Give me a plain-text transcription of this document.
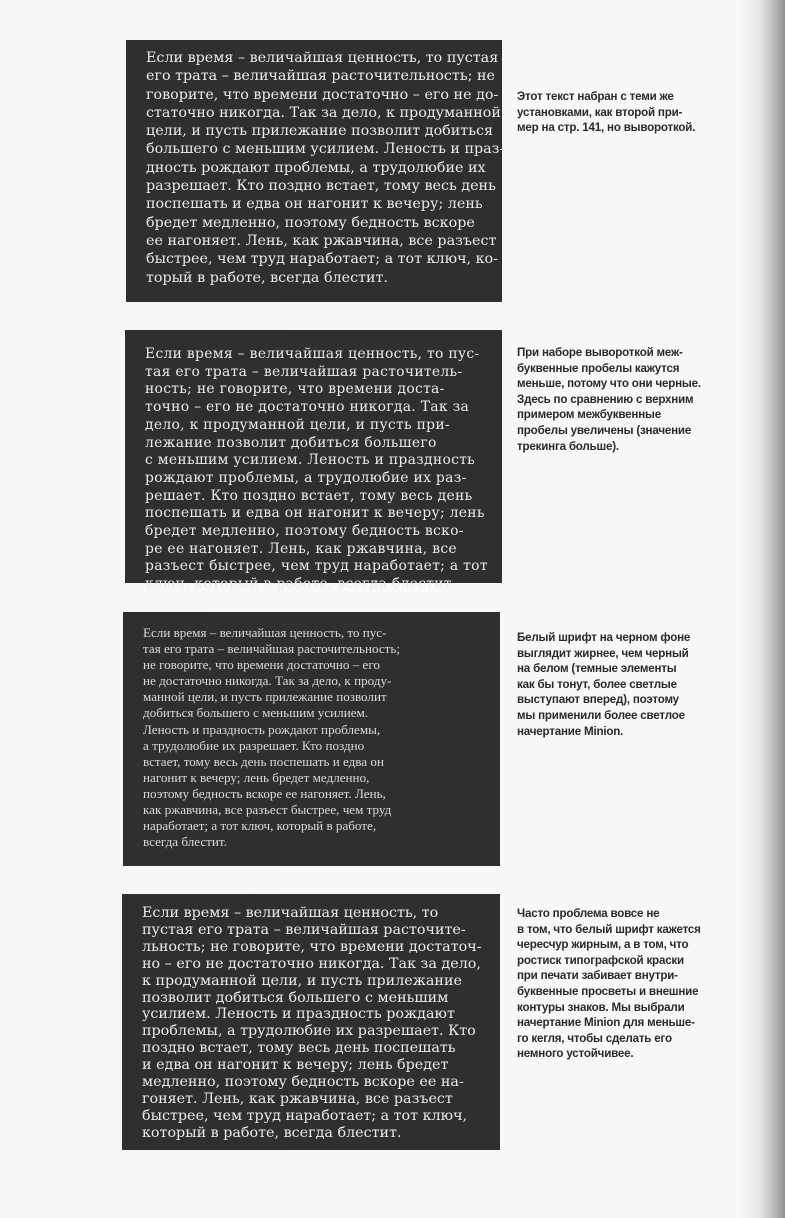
Если время – величайшая ценность, то пустая
его трата – величайшая расточительность; не
говорите, что времени достаточно – его не до-
статочно никогда. Так за дело, к продуманной
цели, и пусть прилежание позволит добиться
большего с меньшим усилием. Леность и праз-
дность рождают проблемы, а трудолюбие их
разрешает. Кто поздно встает, тому весь день
поспешать и едва он нагонит к вечеру; лень
бредет медленно, поэтому бедность вскоре
ее нагоняет. Лень, как ржавчина, все разъест
быстрее, чем труд наработает; а тот ключ, ко-
торый в работе, всегда блестит.
Этот текст набран с теми же
установками, как второй при-
мер на стр. 141, но вывороткой.
Если время – величайшая ценность, то пус-
тая его трата – величайшая расточитель-
ность; не говорите, что времени доста-
точно – его не достаточно никогда. Так за
дело, к продуманной цели, и пусть при-
лежание позволит добиться большего
с меньшим усилием. Леность и праздность
рождают проблемы, а трудолюбие их раз-
решает. Кто поздно встает, тому весь день
поспешать и едва он нагонит к вечеру; лень
бредет медленно, поэтому бедность вско-
ре ее нагоняет. Лень, как ржавчина, все
разъест быстрее, чем труд наработает; а тот
ключ, который в работе, всегда блестит.
При наборе вывороткой меж-
буквенные пробелы кажутся
меньше, потому что они черные.
Здесь по сравнению с верхним
примером межбуквенные
пробелы увеличены (значение
трекинга больше).
Если время – величайшая ценность, то пус-
тая его трата – величайшая расточительность;
не говорите, что времени достаточно – его
не достаточно никогда. Так за дело, к проду-
манной цели, и пусть прилежание позволит
добиться большего с меньшим усилием.
Леность и праздность рождают проблемы,
а трудолюбие их разрешает. Кто поздно
встает, тому весь день поспешать и едва он
нагонит к вечеру; лень бредет медленно,
поэтому бедность вскоре ее нагоняет. Лень,
как ржавчина, все разъест быстрее, чем труд
наработает; а тот ключ, который в работе,
всегда блестит.
Белый шрифт на черном фоне
выглядит жирнее, чем черный
на белом (темные элементы
как бы тонут, более светлые
выступают вперед), поэтому
мы применили более светлое
начертание Minion.
Если время – величайшая ценность, то
пустая его трата – величайшая расточите-
льность; не говорите, что времени достаточ-
но – его не достаточно никогда. Так за дело,
к продуманной цели, и пусть прилежание
позволит добиться большего с меньшим
усилием. Леность и праздность рождают
проблемы, а трудолюбие их разрешает. Кто
поздно встает, тому весь день поспешать
и едва он нагонит к вечеру; лень бредет
медленно, поэтому бедность вскоре ее на-
гоняет. Лень, как ржавчина, все разъест
быстрее, чем труд наработает; а тот ключ,
который в работе, всегда блестит.
Часто проблема вовсе не
в том, что белый шрифт кажется
чересчур жирным, а в том, что
ростиск типографской краски
при печати забивает внутри-
буквенные просветы и внешние
контуры знаков. Мы выбрали
начертание Minion для меньше-
го кегля, чтобы сделать его
немного устойчивее.
